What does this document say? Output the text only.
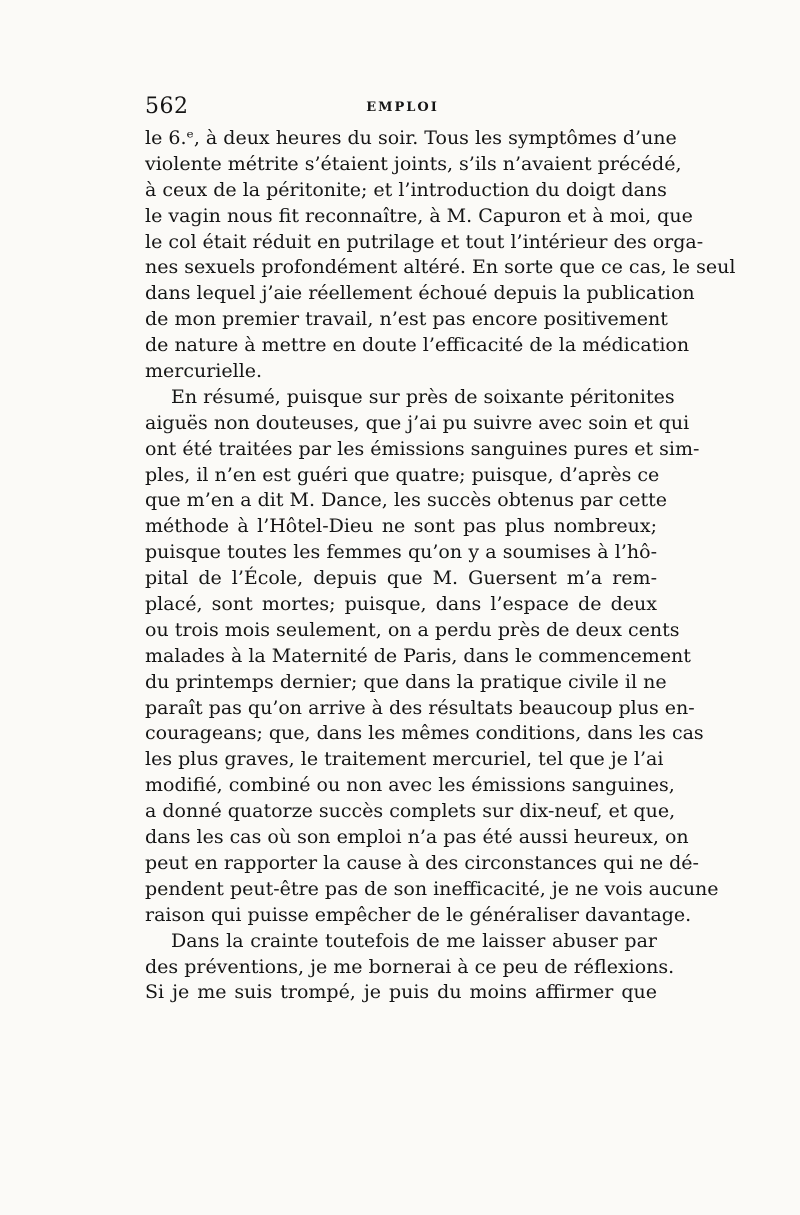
562	EMPLOI
le 6.ᵉ, à deux heures du soir. Tous les symptômes d’une
violente métrite s’étaient joints, s’ils n’avaient précédé,
à ceux de la péritonite; et l’introduction du doigt dans
le vagin nous fit reconnaître, à M. Capuron et à moi, que
le col était réduit en putrilage et tout l’intérieur des orga-
nes sexuels profondément altéré. En sorte que ce cas, le seul
dans lequel j’aie réellement échoué depuis la publication
de mon premier travail, n’est pas encore positivement
de nature à mettre en doute l’efficacité de la médication
mercurielle.
En résumé, puisque sur près de soixante péritonites
aiguës non douteuses, que j’ai pu suivre avec soin et qui
ont été traitées par les émissions sanguines pures et sim-
ples, il n’en est guéri que quatre; puisque, d’après ce
que m’en a dit M. Dance, les succès obtenus par cette
méthode à l’Hôtel-Dieu ne sont pas plus nombreux;
puisque toutes les femmes qu’on y a soumises à l’hô-
pital de l’École, depuis que M. Guersent m’a rem-
placé, sont mortes; puisque, dans l’espace de deux
ou trois mois seulement, on a perdu près de deux cents
malades à la Maternité de Paris, dans le commencement
du printemps dernier; que dans la pratique civile il ne
paraît pas qu’on arrive à des résultats beaucoup plus en-
courageans; que, dans les mêmes conditions, dans les cas
les plus graves, le traitement mercuriel, tel que je l’ai
modifié, combiné ou non avec les émissions sanguines,
a donné quatorze succès complets sur dix-neuf, et que,
dans les cas où son emploi n’a pas été aussi heureux, on
peut en rapporter la cause à des circonstances qui ne dé-
pendent peut-être pas de son inefficacité, je ne vois aucune
raison qui puisse empêcher de le généraliser davantage.
Dans la crainte toutefois de me laisser abuser par
des préventions, je me bornerai à ce peu de réflexions.
Si je me suis trompé, je puis du moins affirmer que
